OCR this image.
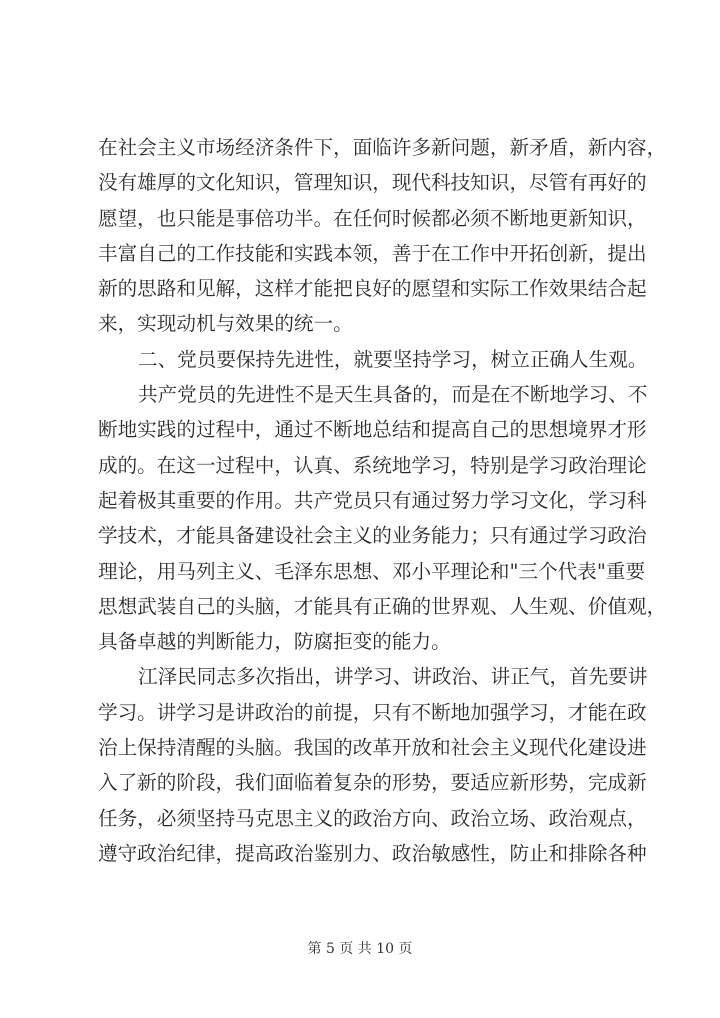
在社会主义市场经济条件下，面临许多新问题，新矛盾，新内容，
没有雄厚的文化知识，管理知识，现代科技知识，尽管有再好的
愿望，也只能是事倍功半。在任何时候都必须不断地更新知识，
丰富自己的工作技能和实践本领，善于在工作中开拓创新，提出
新的思路和见解，这样才能把良好的愿望和实际工作效果结合起
来，实现动机与效果的统一。
二、党员要保持先进性，就要坚持学习，树立正确人生观。
共产党员的先进性不是天生具备的，而是在不断地学习、不
断地实践的过程中，通过不断地总结和提高自己的思想境界才形
成的。在这一过程中，认真、系统地学习，特别是学习政治理论
起着极其重要的作用。共产党员只有通过努力学习文化，学习科
学技术，才能具备建设社会主义的业务能力；只有通过学习政治
理论，用马列主义、毛泽东思想、邓小平理论和"三个代表"重要
思想武装自己的头脑，才能具有正确的世界观、人生观、价值观，
具备卓越的判断能力，防腐拒变的能力。
江泽民同志多次指出，讲学习、讲政治、讲正气，首先要讲
学习。讲学习是讲政治的前提，只有不断地加强学习，才能在政
治上保持清醒的头脑。我国的改革开放和社会主义现代化建设进
入了新的阶段，我们面临着复杂的形势，要适应新形势，完成新
任务，必须坚持马克思主义的政治方向、政治立场、政治观点，
遵守政治纪律，提高政治鉴别力、政治敏感性，防止和排除各种
第 5 页 共 10 页
